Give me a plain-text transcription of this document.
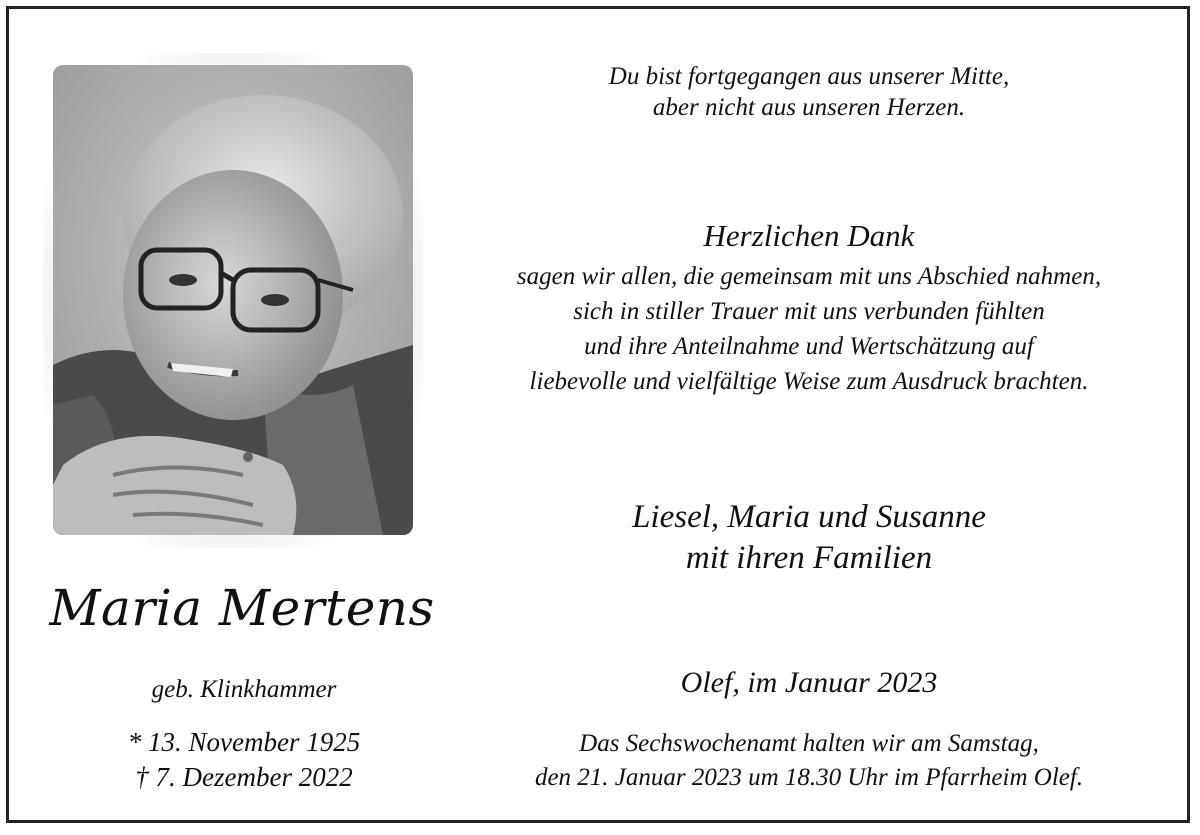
Maria Mertens
geb. Klinkhammer
* 13. November 1925
† 7. Dezember 2022
Du bist fortgegangen aus unserer Mitte,
aber nicht aus unseren Herzen.
Herzlichen Dank
sagen wir allen, die gemeinsam mit uns Abschied nahmen,
sich in stiller Trauer mit uns verbunden fühlten
und ihre Anteilnahme und Wertschätzung auf
liebevolle und vielfältige Weise zum Ausdruck brachten.
Liesel, Maria und Susanne
mit ihren Familien
Olef, im Januar 2023
Das Sechswochenamt halten wir am Samstag,
den 21. Januar 2023 um 18.30 Uhr im Pfarrheim Olef.
